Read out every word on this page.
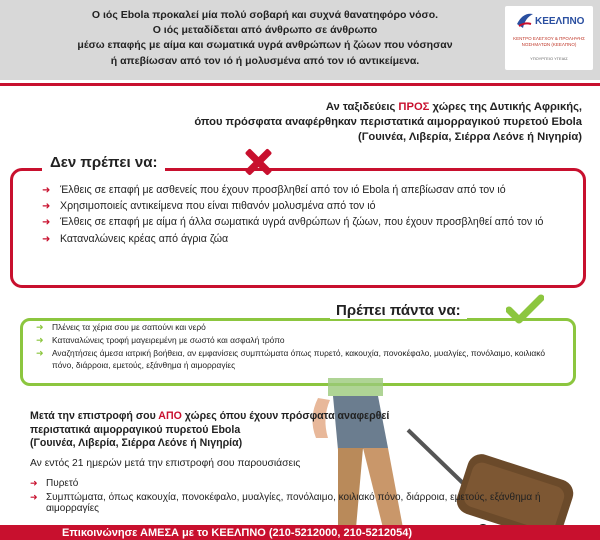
Ο ιός Ebola προκαλεί μία πολύ σοβαρή και συχνά θανατηφόρο νόσο.
Ο ιός μεταδίδεται από άνθρωπο σε άνθρωπο
μέσω επαφής με αίμα και σωματικά υγρά ανθρώπων ή ζώων που νόσησαν
ή απεβίωσαν από τον ιό ή μολυσμένα από τον ιό αντικείμενα.
ΚΕΕΛΠΝΟ
ΚΕΝΤΡΟ ΕΛΕΓΧΟΥ & ΠΡΟΛΗΨΗΣ ΝΟΣΗΜΑΤΩΝ (ΚΕΕΛΠΝΟ)
ΥΠΟΥΡΓΕΙΟ ΥΓΕΙΑΣ
Αν ταξιδεύεις ΠΡΟΣ χώρες της Δυτικής Αφρικής,
όπου πρόσφατα αναφέρθηκαν περιστατικά αιμορραγικού πυρετού Ebola
(Γουινέα, Λιβερία, Σιέρρα Λεόνε ή Νιγηρία)
Δεν πρέπει να:
➜ Έλθεις σε επαφή με ασθενείς που έχουν προσβληθεί από τον ιό Ebola ή απεβίωσαν από τον ιό
➜ Χρησιμοποιείς αντικείμενα που είναι πιθανόν μολυσμένα από τον ιό
➜ Έλθεις σε επαφή με αίμα ή άλλα σωματικά υγρά ανθρώπων ή ζώων, που έχουν προσβληθεί από τον ιό
➜ Καταναλώνεις κρέας από άγρια ζώα
Πρέπει πάντα να:
➜ Πλένεις τα χέρια σου με σαπούνι και νερό
➜ Καταναλώνεις τροφή μαγειρεμένη με σωστό και ασφαλή τρόπο
➜ Αναζητήσεις άμεσα ιατρική βοήθεια, αν εμφανίσεις συμπτώματα όπως πυρετό, κακουχία, πονοκέφαλο, μυαλγίες, πονόλαιμο, κοιλιακό πόνο, διάρροια, εμετούς, εξάνθημα ή αιμορραγίες
Μετά την επιστροφή σου ΑΠΟ χώρες όπου έχουν πρόσφατα αναφερθεί
περιστατικά αιμορραγικού πυρετού Ebola
(Γουινέα, Λιβερία, Σιέρρα Λεόνε ή Νιγηρία)
Αν εντός 21 ημερών μετά την επιστροφή σου παρουσιάσεις
➜ Πυρετό
➜ Συμπτώματα, όπως κακουχία, πονοκέφαλο, μυαλγίες, πονόλαιμο, κοιλιακό πόνο, διάρροια, εμετούς, εξάνθημα ή αιμορραγίες
Επικοινώνησε ΑΜΕΣΑ με το ΚΕΕΛΠΝΟ (210-5212000, 210-5212054)
